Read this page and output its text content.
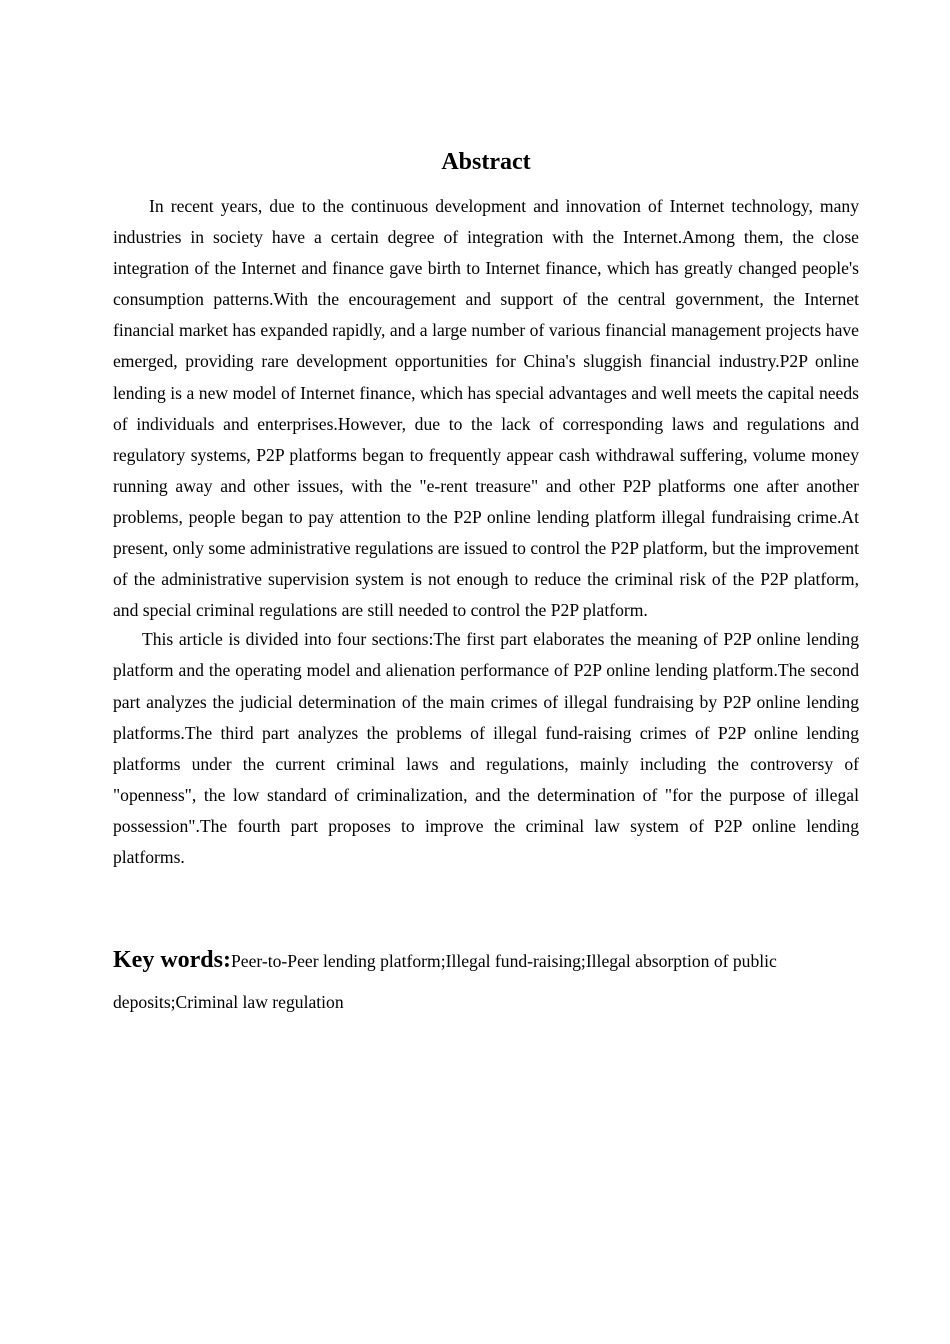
Abstract

In recent years, due to the continuous development and innovation of Internet technology, many industries in society have a certain degree of integration with the Internet.Among them, the close integration of the Internet and finance gave birth to Internet finance, which has greatly changed people's consumption patterns.With the encouragement and support of the central government, the Internet financial market has expanded rapidly, and a large number of various financial management projects have emerged, providing rare development opportunities for China's sluggish financial industry.P2P online lending is a new model of Internet finance, which has special advantages and well meets the capital needs of individuals and enterprises.However, due to the lack of corresponding laws and regulations and regulatory systems, P2P platforms began to frequently appear cash withdrawal suffering, volume money running away and other issues, with the "e-rent treasure" and other P2P platforms one after another problems, people began to pay attention to the P2P online lending platform illegal fundraising crime.At present, only some administrative regulations are issued to control the P2P platform, but the improvement of the administrative supervision system is not enough to reduce the criminal risk of the P2P platform, and special criminal regulations are still needed to control the P2P platform.

This article is divided into four sections:The first part elaborates the meaning of P2P online lending platform and the operating model and alienation performance of P2P online lending platform.The second part analyzes the judicial determination of the main crimes of illegal fundraising by P2P online lending platforms.The third part analyzes the problems of illegal fund-raising crimes of P2P online lending platforms under the current criminal laws and regulations, mainly including the controversy of "openness", the low standard of criminalization, and the determination of "for the purpose of illegal possession".The fourth part proposes to improve the criminal law system of P2P online lending platforms.

Key words:Peer-to-Peer lending platform;Illegal fund-raising;Illegal absorption of public deposits;Criminal law regulation
